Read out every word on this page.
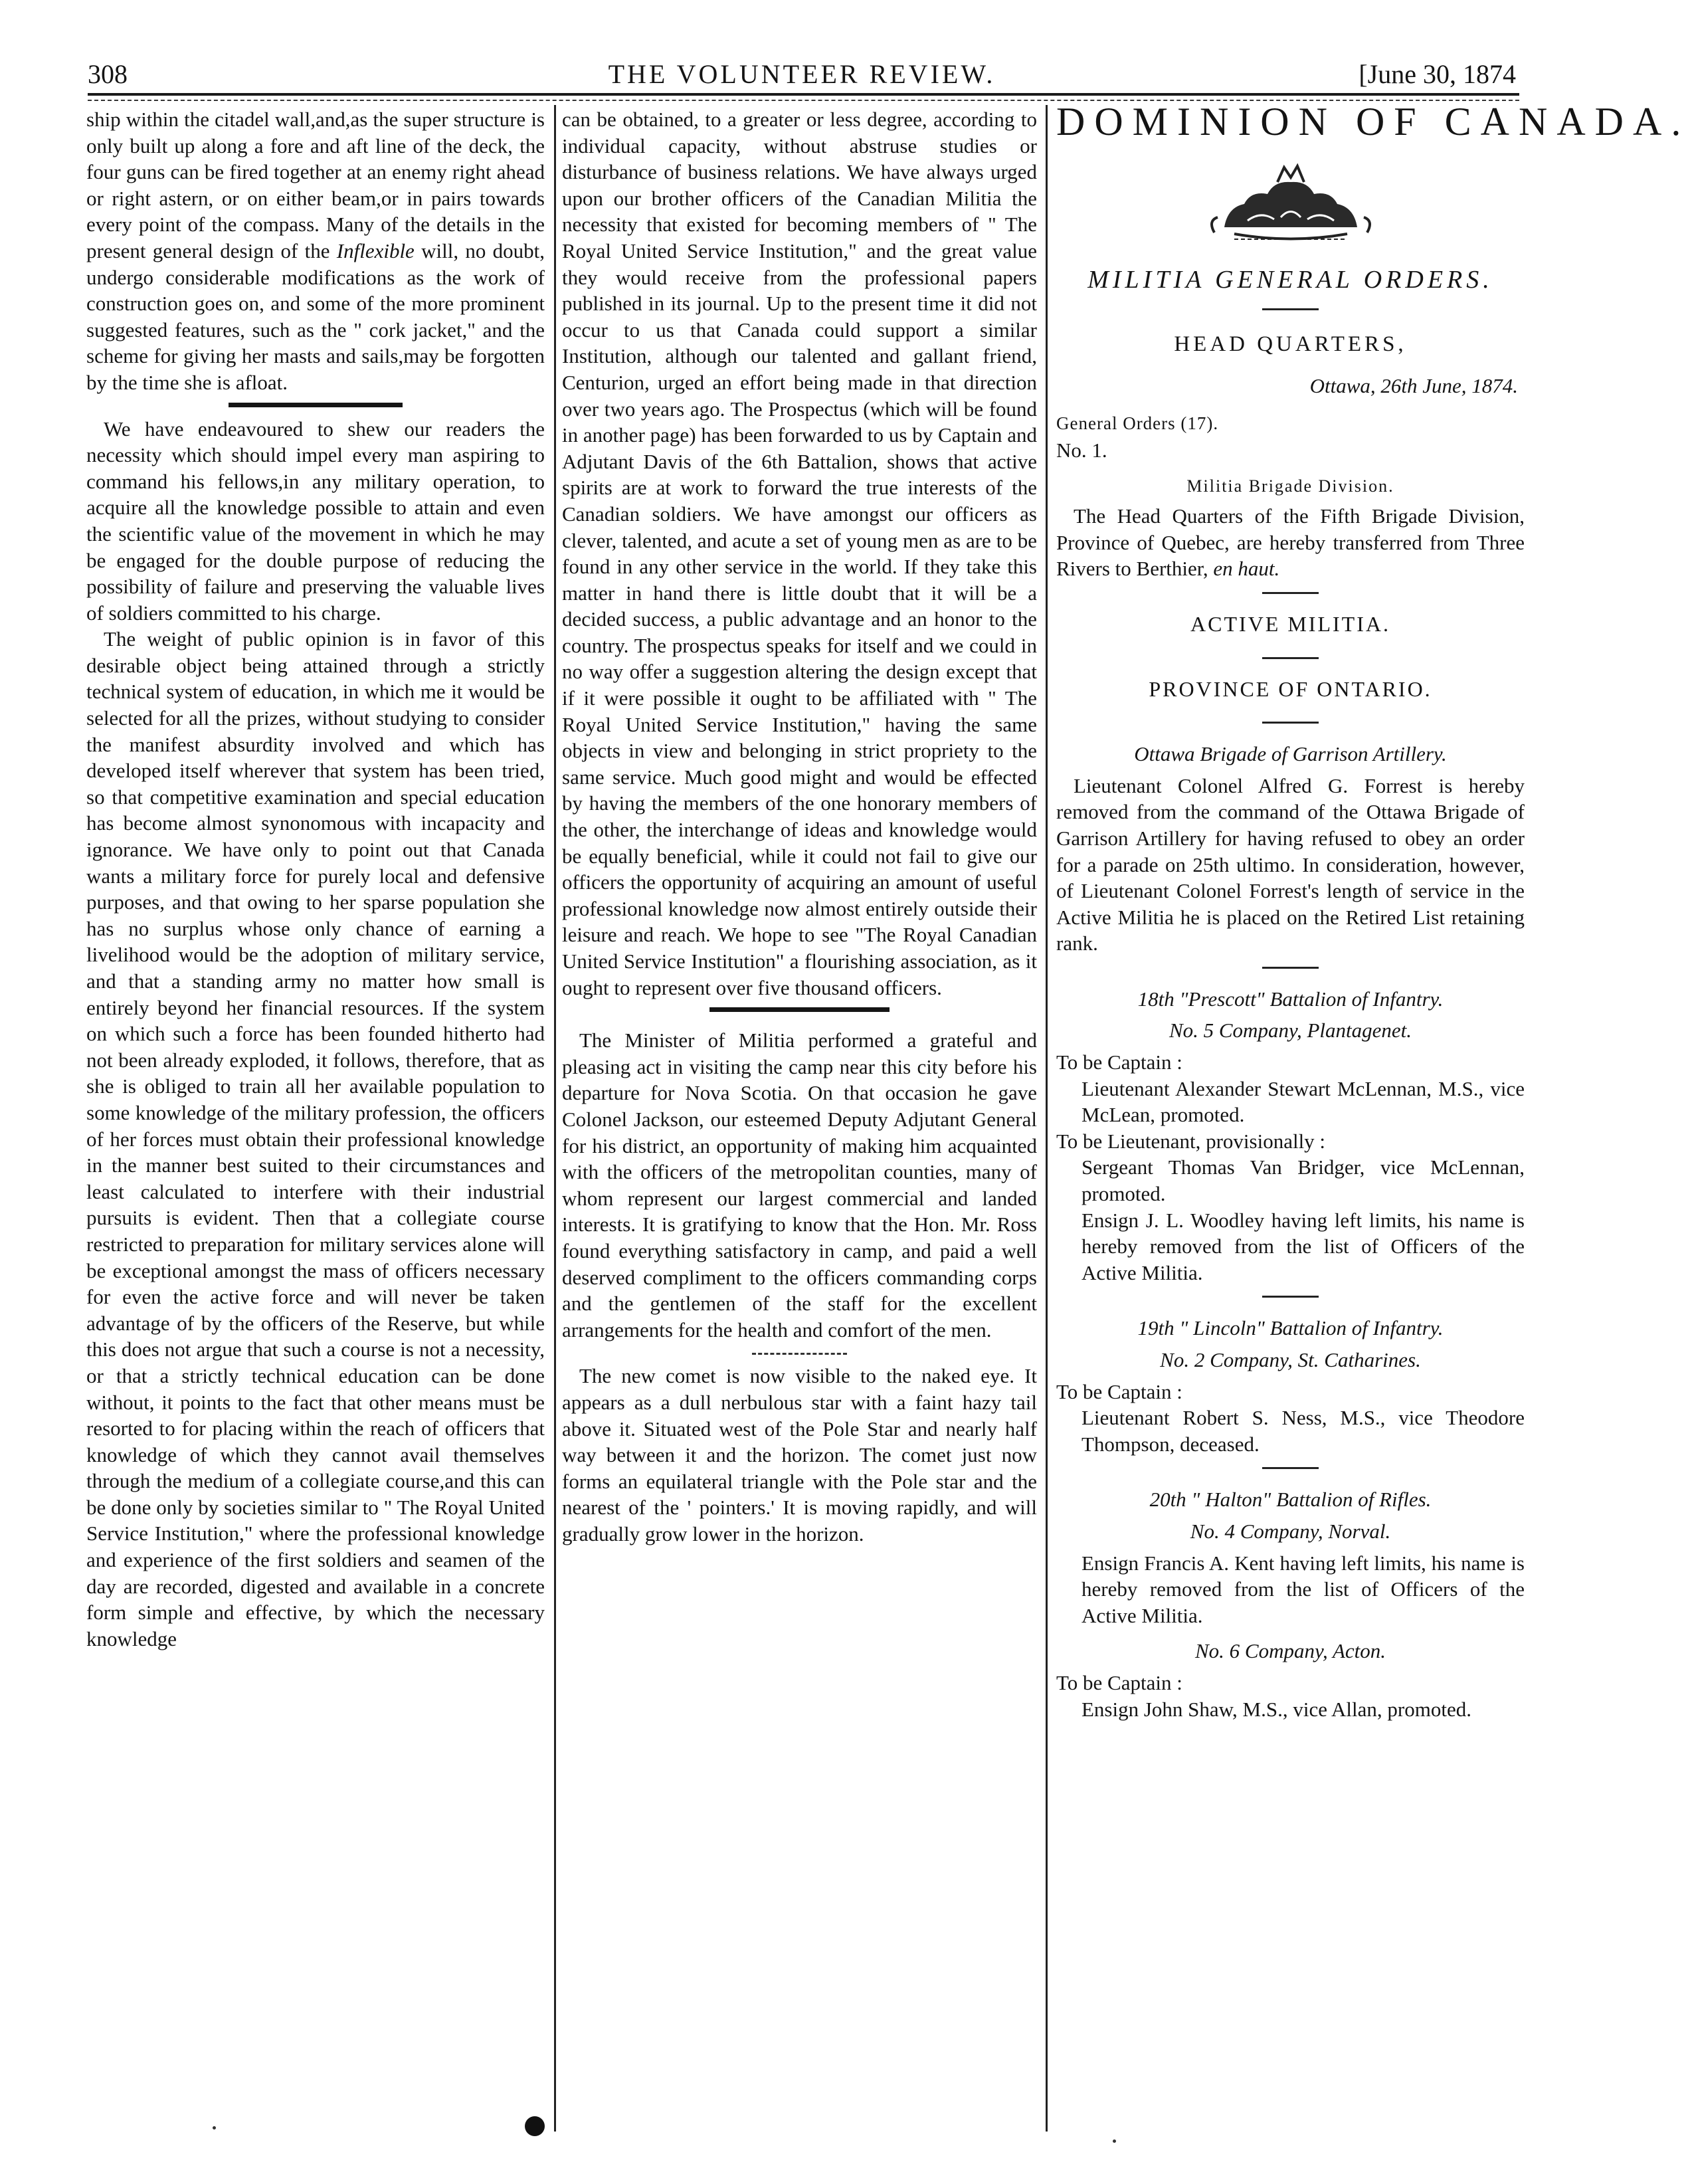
308	THE VOLUNTEER REVIEW.	[June 30, 1874

ship within the citadel wall,and,as the super structure is only built up along a fore and aft line of the deck, the four guns can be fired together at an enemy right ahead or right astern, or on either beam,or in pairs towards every point of the compass. Many of the details in the present general design of the Inflexible will, no doubt, undergo considerable modifications as the work of construction goes on, and some of the more prominent suggested features, such as the " cork jacket," and the scheme for giving her masts and sails,may be forgotten by the time she is afloat.

We have endeavoured to shew our readers the necessity which should impel every man aspiring to command his fellows,in any military operation, to acquire all the knowledge possible to attain and even the scientific value of the movement in which he may be engaged for the double purpose of reducing the possibility of failure and preserving the valuable lives of soldiers committed to his charge.

The weight of public opinion is in favor of this desirable object being attained through a strictly technical system of education, in which me it would be selected for all the prizes, without studying to consider the manifest absurdity involved and which has developed itself wherever that system has been tried, so that competitive examination and special education has become almost synonomous with incapacity and ignorance. We have only to point out that Canada wants a military force for purely local and defensive purposes, and that owing to her sparse population she has no surplus whose only chance of earning a livelihood would be the adoption of military service, and that a standing army no matter how small is entirely beyond her financial resources. If the system on which such a force has been founded hitherto had not been already exploded, it follows, therefore, that as she is obliged to train all her available population to some knowledge of the military profession, the officers of her forces must obtain their professional knowledge in the manner best suited to their circumstances and least calculated to interfere with their industrial pursuits is evident. Then that a collegiate course restricted to preparation for military services alone will be exceptional amongst the mass of officers necessary for even the active force and will never be taken advantage of by the officers of the Reserve, but while this does not argue that such a course is not a necessity, or that a strictly technical education can be done without, it points to the fact that other means must be resorted to for placing within the reach of officers that knowledge of which they cannot avail themselves through the medium of a collegiate course,and this can be done only by societies similar to " The Royal United Service Institution," where the professional knowledge and experience of the first soldiers and seamen of the day are recorded, digested and available in a concrete form simple and effective, by which the necessary knowledge

can be obtained, to a greater or less degree, according to individual capacity, without abstruse studies or disturbance of business relations. We have always urged upon our brother officers of the Canadian Militia the necessity that existed for becoming members of " The Royal United Service Institution," and the great value they would receive from the professional papers published in its journal. Up to the present time it did not occur to us that Canada could support a similar Institution, although our talented and gallant friend, Centurion, urged an effort being made in that direction over two years ago. The Prospectus (which will be found in another page) has been forwarded to us by Captain and Adjutant Davis of the 6th Battalion, shows that active spirits are at work to forward the true interests of the Canadian soldiers. We have amongst our officers as clever, talented, and acute a set of young men as are to be found in any other service in the world. If they take this matter in hand there is little doubt that it will be a decided success, a public advantage and an honor to the country. The prospectus speaks for itself and we could in no way offer a suggestion altering the design except that if it were possible it ought to be affiliated with " The Royal United Service Institution," having the same objects in view and belonging in strict propriety to the same service. Much good might and would be effected by having the members of the one honorary members of the other, the interchange of ideas and knowledge would be equally beneficial, while it could not fail to give our officers the opportunity of acquiring an amount of useful professional knowledge now almost entirely outside their leisure and reach. We hope to see "The Royal Canadian United Service Institution" a flourishing association, as it ought to represent over five thousand officers.

The Minister of Militia performed a grateful and pleasing act in visiting the camp near this city before his departure for Nova Scotia. On that occasion he gave Colonel Jackson, our esteemed Deputy Adjutant General for his district, an opportunity of making him acquainted with the officers of the metropolitan counties, many of whom represent our largest commercial and landed interests. It is gratifying to know that the Hon. Mr. Ross found everything satisfactory in camp, and paid a well deserved compliment to the officers commanding corps and the gentlemen of the staff for the excellent arrangements for the health and comfort of the men.

The new comet is now visible to the naked eye. It appears as a dull nerbulous star with a faint hazy tail above it. Situated west of the Pole Star and nearly half way between it and the horizon. The comet just now forms an equilateral triangle with the Pole star and the nearest of the ' pointers.' It is moving rapidly, and will gradually grow lower in the horizon.

DOMINION OF CANADA.
MILITIA GENERAL ORDERS.
HEAD QUARTERS,
Ottawa, 26th June, 1874.
General Orders (17).
No. 1.
Militia Brigade Division.

The Head Quarters of the Fifth Brigade Division, Province of Quebec, are hereby transferred from Three Rivers to Berthier, en haut.

ACTIVE MILITIA.
PROVINCE OF ONTARIO.
Ottawa Brigade of Garrison Artillery.

Lieutenant Colonel Alfred G. Forrest is hereby removed from the command of the Ottawa Brigade of Garrison Artillery for having refused to obey an order for a parade on 25th ultimo. In consideration, however, of Lieutenant Colonel Forrest's length of service in the Active Militia he is placed on the Retired List retaining rank.

18th "Prescott" Battalion of Infantry.
No. 5 Company, Plantagenet.
To be Captain :

Lieutenant Alexander Stewart McLennan, M.S., vice McLean, promoted.

To be Lieutenant, provisionally :

Sergeant Thomas Van Bridger, vice McLennan, promoted.

Ensign J. L. Woodley having left limits, his name is hereby removed from the list of Officers of the Active Militia.

19th " Lincoln" Battalion of Infantry.
No. 2 Company, St. Catharines.
To be Captain :

Lieutenant Robert S. Ness, M.S., vice Theodore Thompson, deceased.

20th " Halton" Battalion of Rifles.
No. 4 Company, Norval.

Ensign Francis A. Kent having left limits, his name is hereby removed from the list of Officers of the Active Militia.

No. 6 Company, Acton.
To be Captain :

Ensign John Shaw, M.S., vice Allan, promoted.
